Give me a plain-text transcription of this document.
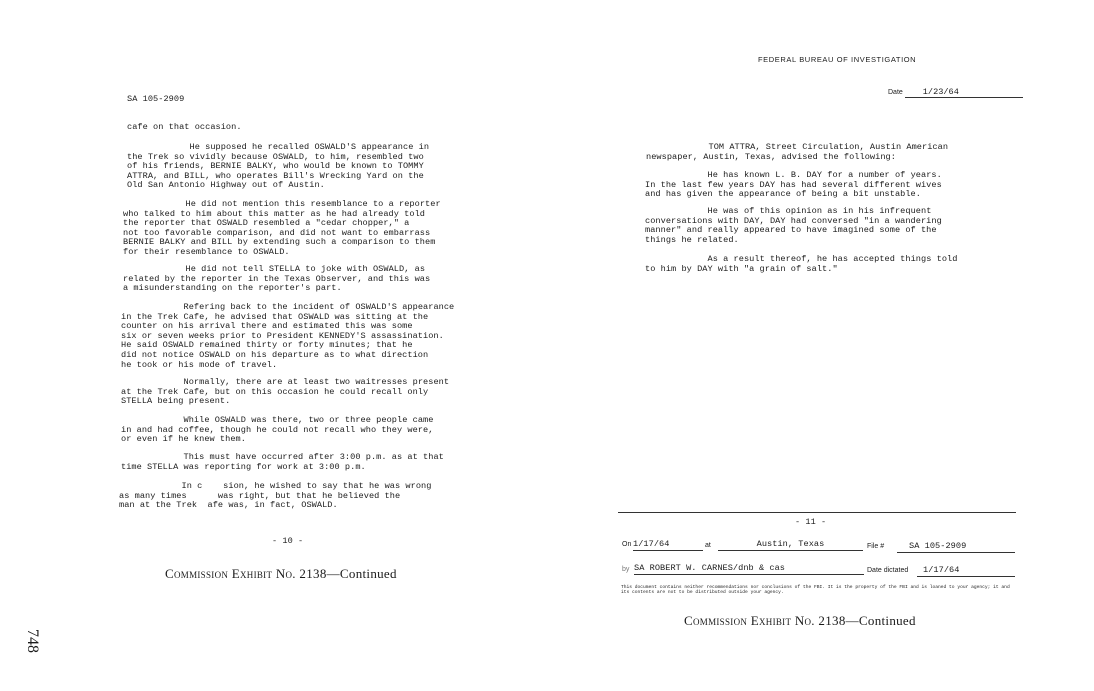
SA 105-2909
cafe on that occasion.
He supposed he recalled OSWALD'S appearance in
the Trek so vividly because OSWALD, to him, resembled two
of his friends, BERNIE BALKY, who would be known to TOMMY
ATTRA, and BILL, who operates Bill's Wrecking Yard on the
Old San Antonio Highway out of Austin.
He did not mention this resemblance to a reporter
who talked to him about this matter as he had already told
the reporter that OSWALD resembled a "cedar chopper," a
not too favorable comparison, and did not want to embarrass
BERNIE BALKY and BILL by extending such a comparison to them
for their resemblance to OSWALD.
He did not tell STELLA to joke with OSWALD, as
related by the reporter in the Texas Observer, and this was
a misunderstanding on the reporter's part.
Refering back to the incident of OSWALD'S appearance
in the Trek Cafe, he advised that OSWALD was sitting at the
counter on his arrival there and estimated this was some
six or seven weeks prior to President KENNEDY'S assassination.
He said OSWALD remained thirty or forty minutes; that he
did not notice OSWALD on his departure as to what direction
he took or his mode of travel.
Normally, there are at least two waitresses present
at the Trek Cafe, but on this occasion he could recall only
STELLA being present.
While OSWALD was there, two or three people came
in and had coffee, though he could not recall who they were,
or even if he knew them.
This must have occurred after 3:00 p.m. as at that
time STELLA was reporting for work at 3:00 p.m.
In c    sion, he wished to say that he was wrong
as many times      was right, but that he believed the
man at the Trek  afe was, in fact, OSWALD.
- 10 -
Commission Exhibit No. 2138—Continued
748
FEDERAL BUREAU OF INVESTIGATION
Date 1/23/64
TOM ATTRA, Street Circulation, Austin American
newspaper, Austin, Texas, advised the following:
He has known L. B. DAY for a number of years.
In the last few years DAY has had several different wives
and has given the appearance of being a bit unstable.
He was of this opinion as in his infrequent
conversations with DAY, DAY had conversed "in a wandering
manner" and really appeared to have imagined some of the
things he related.
As a result thereof, he has accepted things told
to him by DAY with "a grain of salt."
- 11 -
On 1/17/64	at	Austin, Texas	File #	SA 105-2909
by SA ROBERT W. CARNES/dnb & cas	Date dictated	1/17/64
This document contains neither recommendations nor conclusions of the FBI. It is the property of the FBI and is loaned to your agency; it and its contents are not to be distributed outside your agency.
Commission Exhibit No. 2138—Continued
